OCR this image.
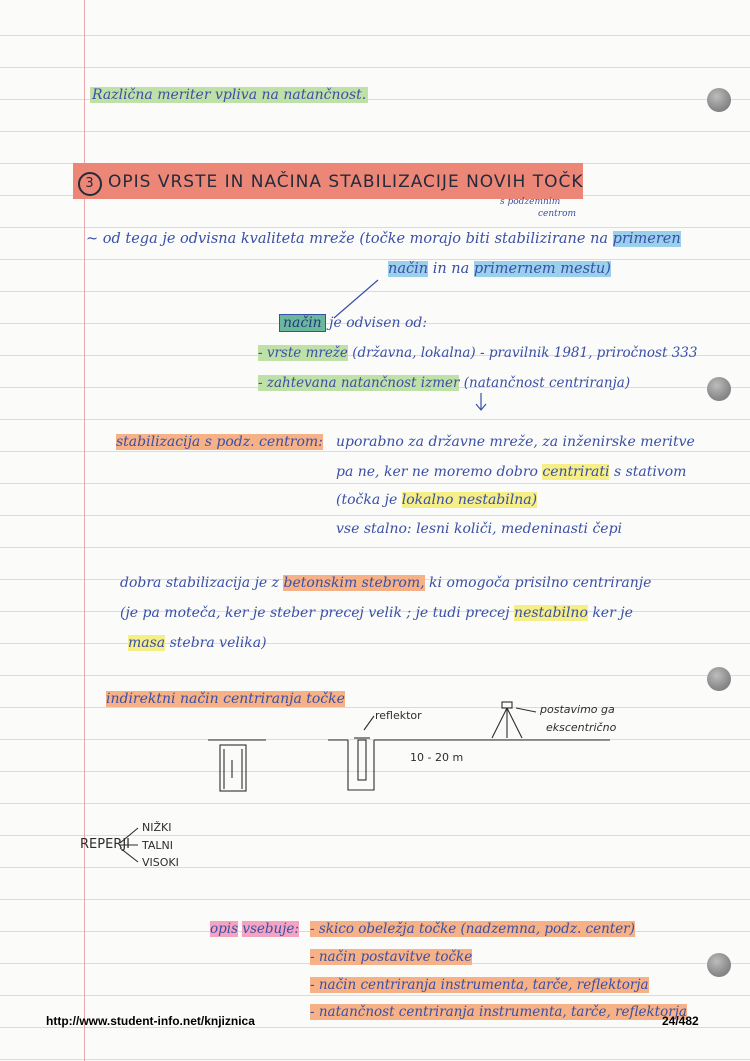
Različna meriter vpliva na natančnost.
3 OPIS VRSTE IN NAČINA STABILIZACIJE NOVIH TOČK
s podzemnim
centrom
~ od tega je odvisna kvaliteta mreže (točke morajo biti stabilizirane na primeren
način in na primernem mestu)
način je odvisen od:
- vrste mreže (državna, lokalna) - pravilnik 1981, priročnost 333
- zahtevana natančnost izmer (natančnost centriranja)
stabilizacija s podz. centrom: uporabno za državne mreže, za inženirske meritve
pa ne, ker ne moremo dobro centrirati s stativom
(točka je lokalno nestabilna)
vse stalno: lesni količi, medeninasti čepi
dobra stabilizacija je z betonskim stebrom, ki omogoča prisilno centriranje
(je pa moteča, ker je steber precej velik ; je tudi precej nestabilno ker je
masa stebra velika)
indirektni način centriranja točke
reflektor
10 - 20 m
postavimo ga
ekscentrično
REPERJI
NIŽKI
TALNI
VISOKI
opis vsebuje: - skico obeležja točke (nadzemna, podz. center)
- način postavitve točke
- način centriranja instrumenta, tarče, reflektorja
- natančnost centriranja instrumenta, tarče, reflektorja
http://www.student-info.net/knjiznica	24/482
